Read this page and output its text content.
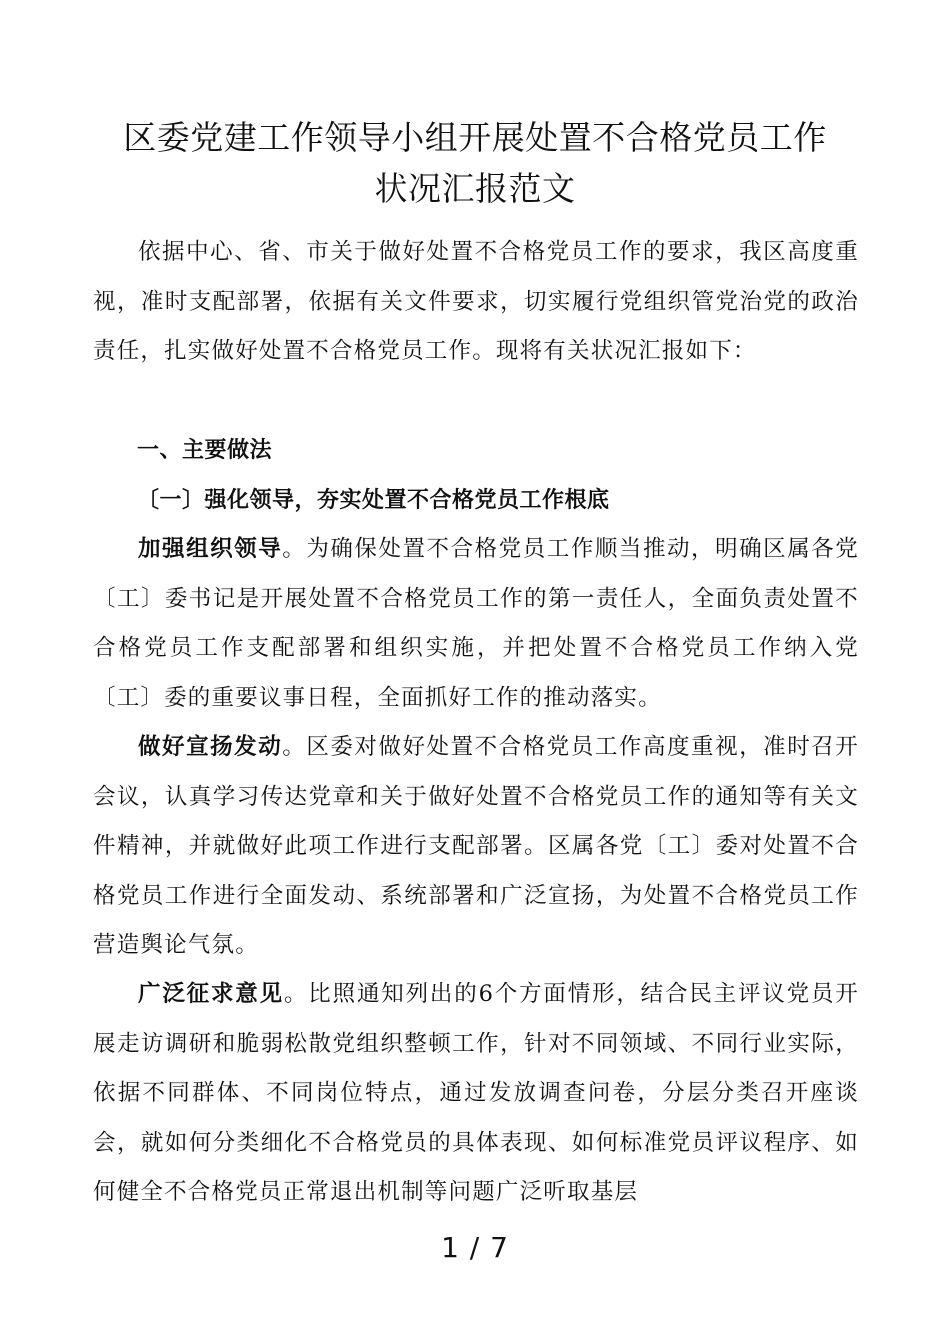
区委党建工作领导小组开展处置不合格党员工作
状况汇报范文

依据中心、省、市关于做好处置不合格党员工作的要求，我区高度重视，准时支配部署，依据有关文件要求，切实履行党组织管党治党的政治责任，扎实做好处置不合格党员工作。现将有关状况汇报如下：

一、主要做法

〔一〕强化领导，夯实处置不合格党员工作根底

加强组织领导。为确保处置不合格党员工作顺当推动，明确区属各党〔工〕委书记是开展处置不合格党员工作的第一责任人，全面负责处置不合格党员工作支配部署和组织实施，并把处置不合格党员工作纳入党〔工〕委的重要议事日程，全面抓好工作的推动落实。

做好宣扬发动。区委对做好处置不合格党员工作高度重视，准时召开会议，认真学习传达党章和关于做好处置不合格党员工作的通知等有关文件精神，并就做好此项工作进行支配部署。区属各党〔工〕委对处置不合格党员工作进行全面发动、系统部署和广泛宣扬，为处置不合格党员工作营造舆论气氛。

广泛征求意见。比照通知列出的6个方面情形，结合民主评议党员开展走访调研和脆弱松散党组织整顿工作，针对不同领域、不同行业实际，依据不同群体、不同岗位特点，通过发放调查问卷，分层分类召开座谈会，就如何分类细化不合格党员的具体表现、如何标准党员评议程序、如何健全不合格党员正常退出机制等问题广泛听取基层

1 / 7
